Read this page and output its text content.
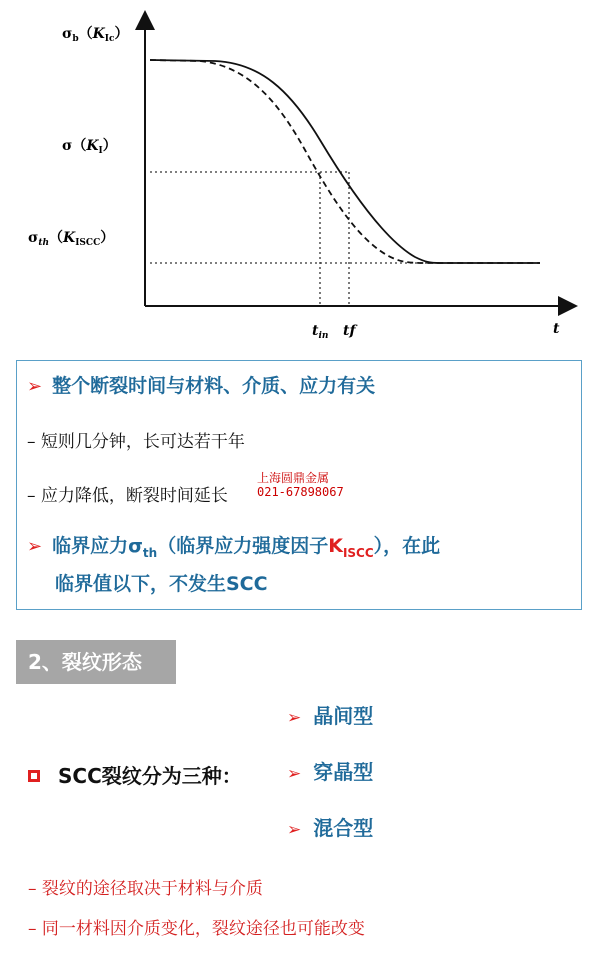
$\sigma_b(K_{Ic})$
$\sigma(K_I)$
$\sigma_{th}(K_{ISCC})$
$t_{in}$ tf	t
➢ 整个断裂时间与材料、介质、应力有关
– 短则几分钟，长可达若干年
– 应力降低，断裂时间延长
上海圆鼎金属
021-67898067
➢ 临界应力$\sigma_{th}$（临界应力强度因子$K_{ISCC}$），在此
临界值以下，不发生SCC
2、裂纹形态
➢ 晶间型
➢ 穿晶型
➢ 混合型
SCC裂纹分为三种：
– 裂纹的途径取决于材料与介质
– 同一材料因介质变化，裂纹途径也可能改变
